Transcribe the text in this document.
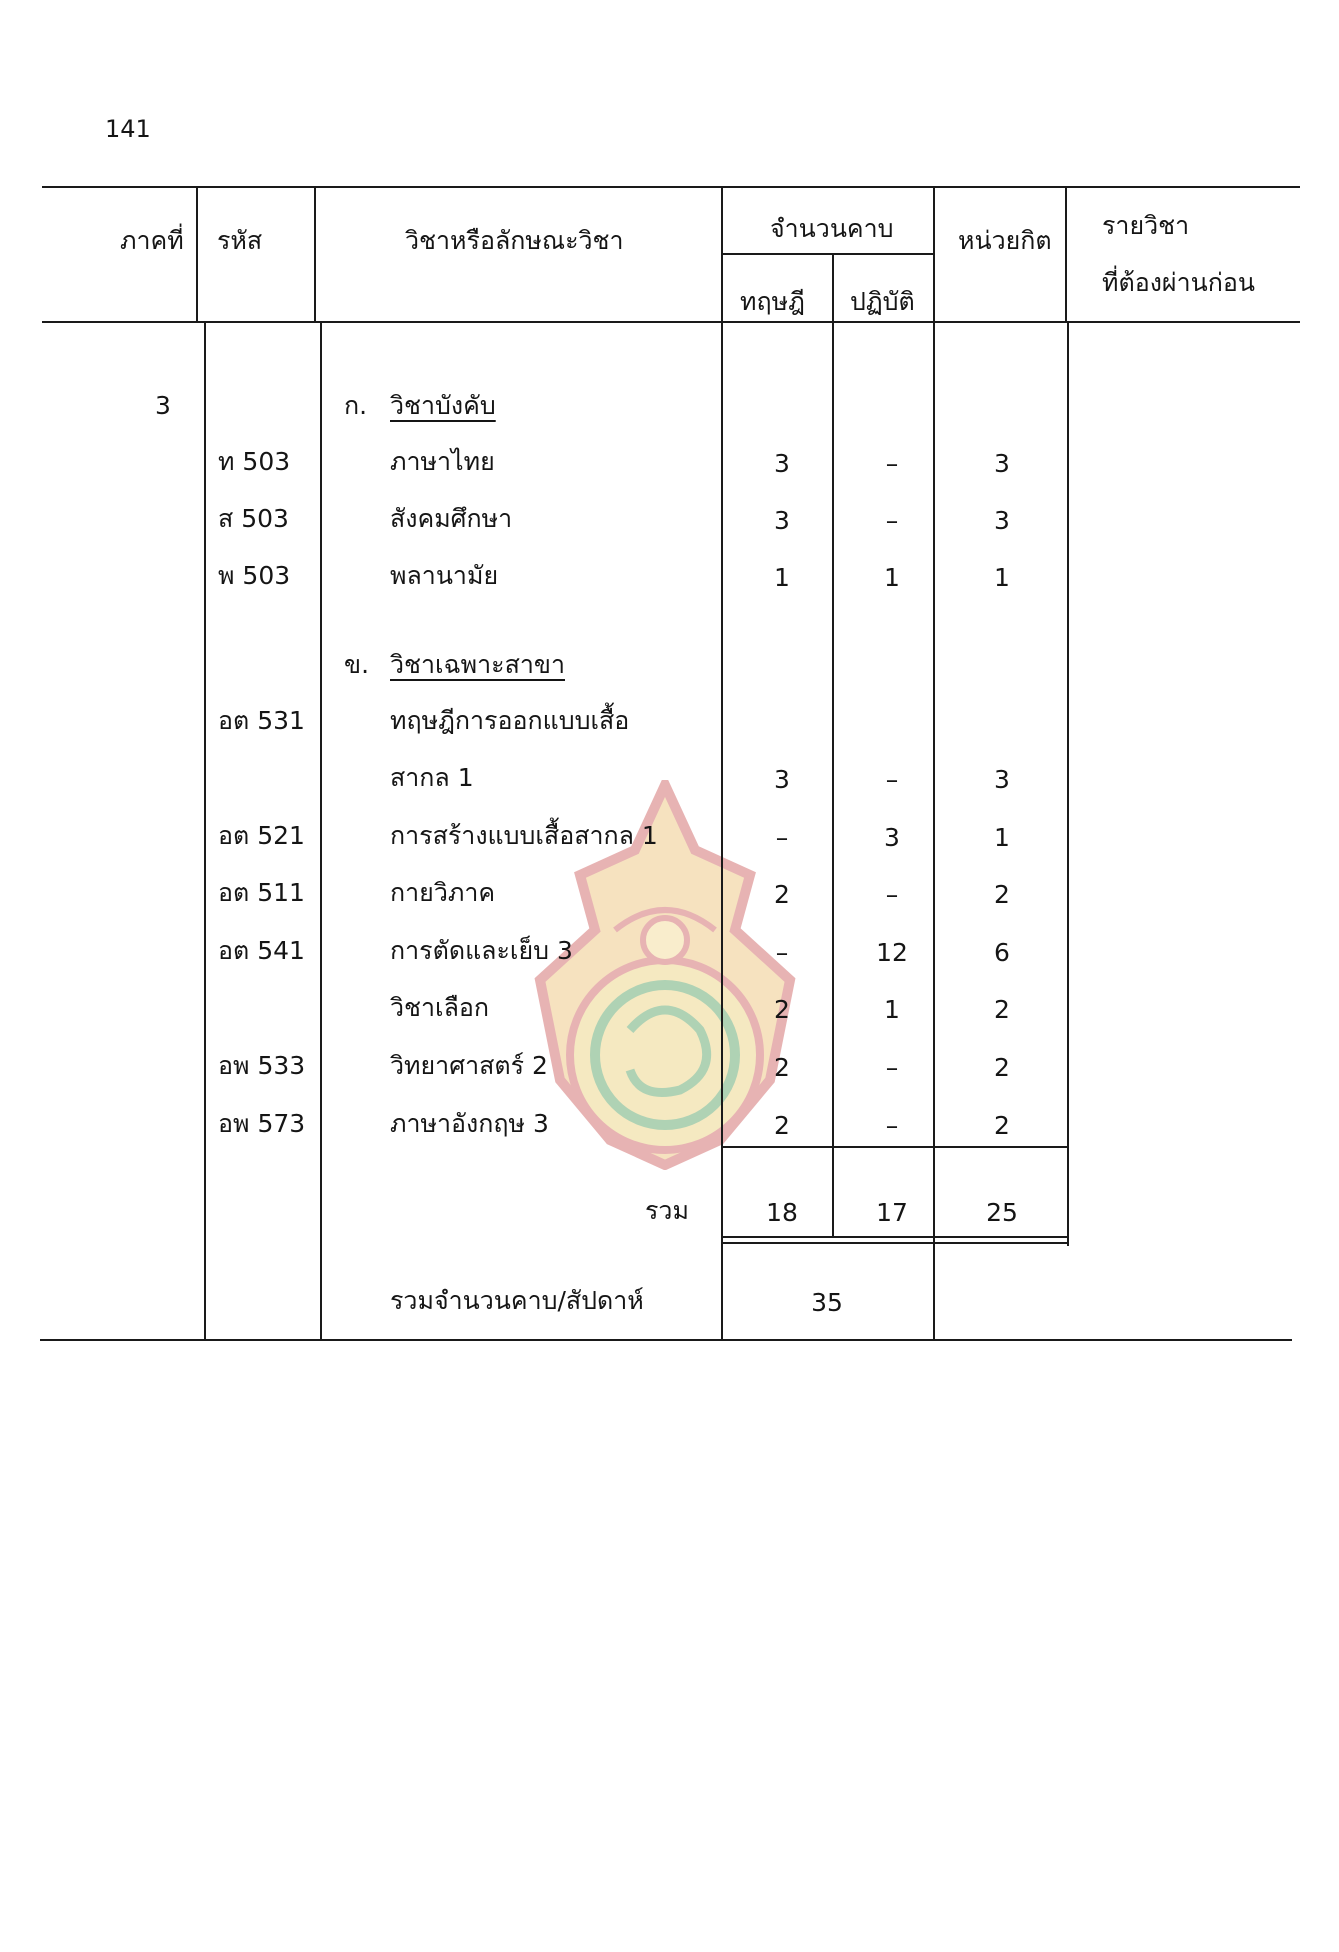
141
ภาคที่ รหัส	วิชาหรือลักษณะวิชา	จำนวนคาบ
ทฤษฎี ปฏิบัติ
หน่วยกิต
รายวิชา
ที่ต้องผ่านก่อน
3	ก. วิชาบังคับ
ข. วิชาเฉพาะสาขา
ท 503	ภาษาไทย	3	–	3
ส 503	สังคมศึกษา	3	–	3
พ 503	พลานามัย	1	1	1
อต 531	ทฤษฎีการออกแบบเสื้อ
สากล 1	3	–	3
อต 521	การสร้างแบบเสื้อสากล 1	–	3	1
อต 511	กายวิภาค	2	–	2
อต 541	การตัดและเย็บ 3	–	12	6
วิชาเลือก	2	1	2
อพ 533	วิทยาศาสตร์ 2	2	–	2
อพ 573	ภาษาอังกฤษ 3	2	–	2
รวม	18	17	25
รวมจำนวนคาบ/สัปดาห์	35
